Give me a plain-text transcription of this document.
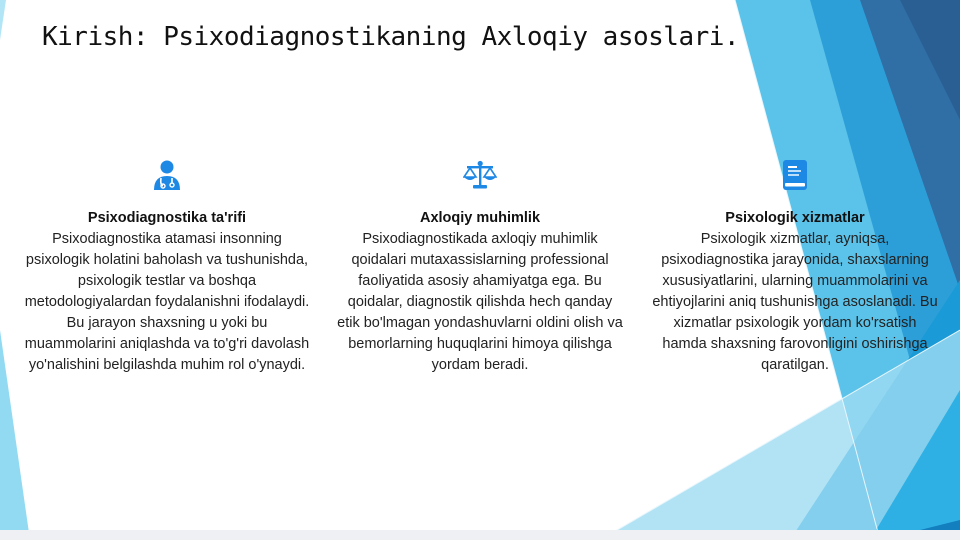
Kirish: Psixodiagnostikaning Axloqiy asoslari.
Psixodiagnostika ta'rifi
Psixodiagnostika atamasi insonning psixologik holatini baholash va tushunishda, psixologik testlar va boshqa metodologiyalardan foydalanishni ifodalaydi. Bu jarayon shaxsning u yoki bu muammolarini aniqlashda va to'g'ri davolash yo'nalishini belgilashda muhim rol o'ynaydi.
Axloqiy muhimlik
Psixodiagnostikada axloqiy muhimlik qoidalari mutaxassislarning professional faoliyatida asosiy ahamiyatga ega. Bu qoidalar, diagnostik qilishda hech qanday etik bo'lmagan yondashuvlarni oldini olish va bemorlarning huquqlarini himoya qilishga yordam beradi.
Psixologik xizmatlar
Psixologik xizmatlar, ayniqsa, psixodiagnostika jarayonida, shaxslarning xususiyatlarini, ularning muammolarini va ehtiyojlarini aniq tushunishga asoslanadi. Bu xizmatlar psixologik yordam ko'rsatish hamda shaxsning farovonligini oshirishga qaratilgan.
